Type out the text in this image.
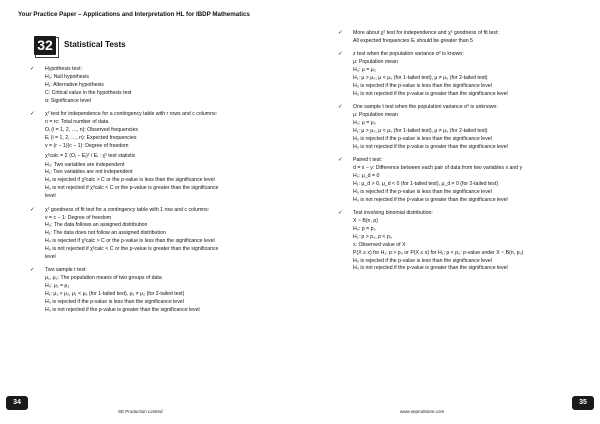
Your Practice Paper – Applications and Interpretation HL for IBDP Mathematics
32	Statistical Tests
✓ Hypothesis test:
H₀: Null hypothesis
H₁: Alternative hypothesis
C: Critical value in the hypothesis test
α: Significance level
✓ χ² test for independence for a contingency table with r rows and c columns:
n = rc: Total number of data
Oᵢ (i = 1, 2, …, n): Observed frequencies
Eᵢ (i = 1, 2, …, n): Expected frequencies
v = (r − 1)(c − 1): Degree of freedom
χ²calc = Σ (Oᵢ − Eᵢ)² / Eᵢ : χ² test statistic
H₀: Two variables are independent
H₁: Two variables are not independent
H₀ is rejected if χ²calc > C or the p-value is less than the significance level
H₀ is not rejected if χ²calc < C or the p-value is greater than the significance
level
✓ χ² goodness of fit test for a contingency table with 1 row and c columns:
v = c − 1: Degree of freedom
H₀: The data follows an assigned distribution
H₁: The data does not follow an assigned distribution
H₀ is rejected if χ²calc > C or the p-value is less than the significance level
H₀ is not rejected if χ²calc < C or the p-value is greater than the significance
level
✓ Two sample t test:
μ₁, μ₂: The population means of two groups of data
H₀: μ₁ = μ₂
H₁: μ₁ > μ₂, μ₁ < μ₂ (for 1-tailed test), μ₁ ≠ μ₂ (for 2-tailed test)
H₀ is rejected if the p-value is less than the significance level
H₀ is not rejected if the p-value is greater than the significance level
✓ More about χ² test for independence and χ² goodness of fit test:
All expected frequencies Eᵢ should be greater than 5
✓ z test when the population variance σ² is known:
μ: Population mean
H₀: μ = μ₀
H₁: μ > μ₀, μ < μ₀ (for 1-tailed test), μ ≠ μ₀ (for 2-tailed test)
H₀ is rejected if the p-value is less than the significance level
H₀ is not rejected if the p-value is greater than the significance level
✓ One sample t test when the population variance σ² is unknown:
μ: Population mean
H₀: μ = μ₀
H₁: μ > μ₀, μ < μ₀ (for 1-tailed test), μ ≠ μ₀ (for 2-tailed test)
H₀ is rejected if the p-value is less than the significance level
H₀ is not rejected if the p-value is greater than the significance level
✓ Paired t test:
d = x − y: Difference between each pair of data from two variables x and y
H₀: μ_d = 0
H₁: μ_d > 0, μ_d < 0 (for 1-tailed test), μ_d ≠ 0 (for 2-tailed test)
H₀ is rejected if the p-value is less than the significance level
H₀ is not rejected if the p-value is greater than the significance level
✓ Test involving binomial distribution:
X ~ B(n, p)
H₀: p = p₀
H₁: p > p₀, p < p₀
x: Observed value of X
P(X ≥ x) for H₁: p > p₀ or P(X ≤ x) for H₁: p < p₀: p-value under X ~ B(n, p₀)
H₀ is rejected if the p-value is less than the significance level
H₀ is not rejected if the p-value is greater than the significance level
34	35
SE Production Limited	www.seprodstore.com
